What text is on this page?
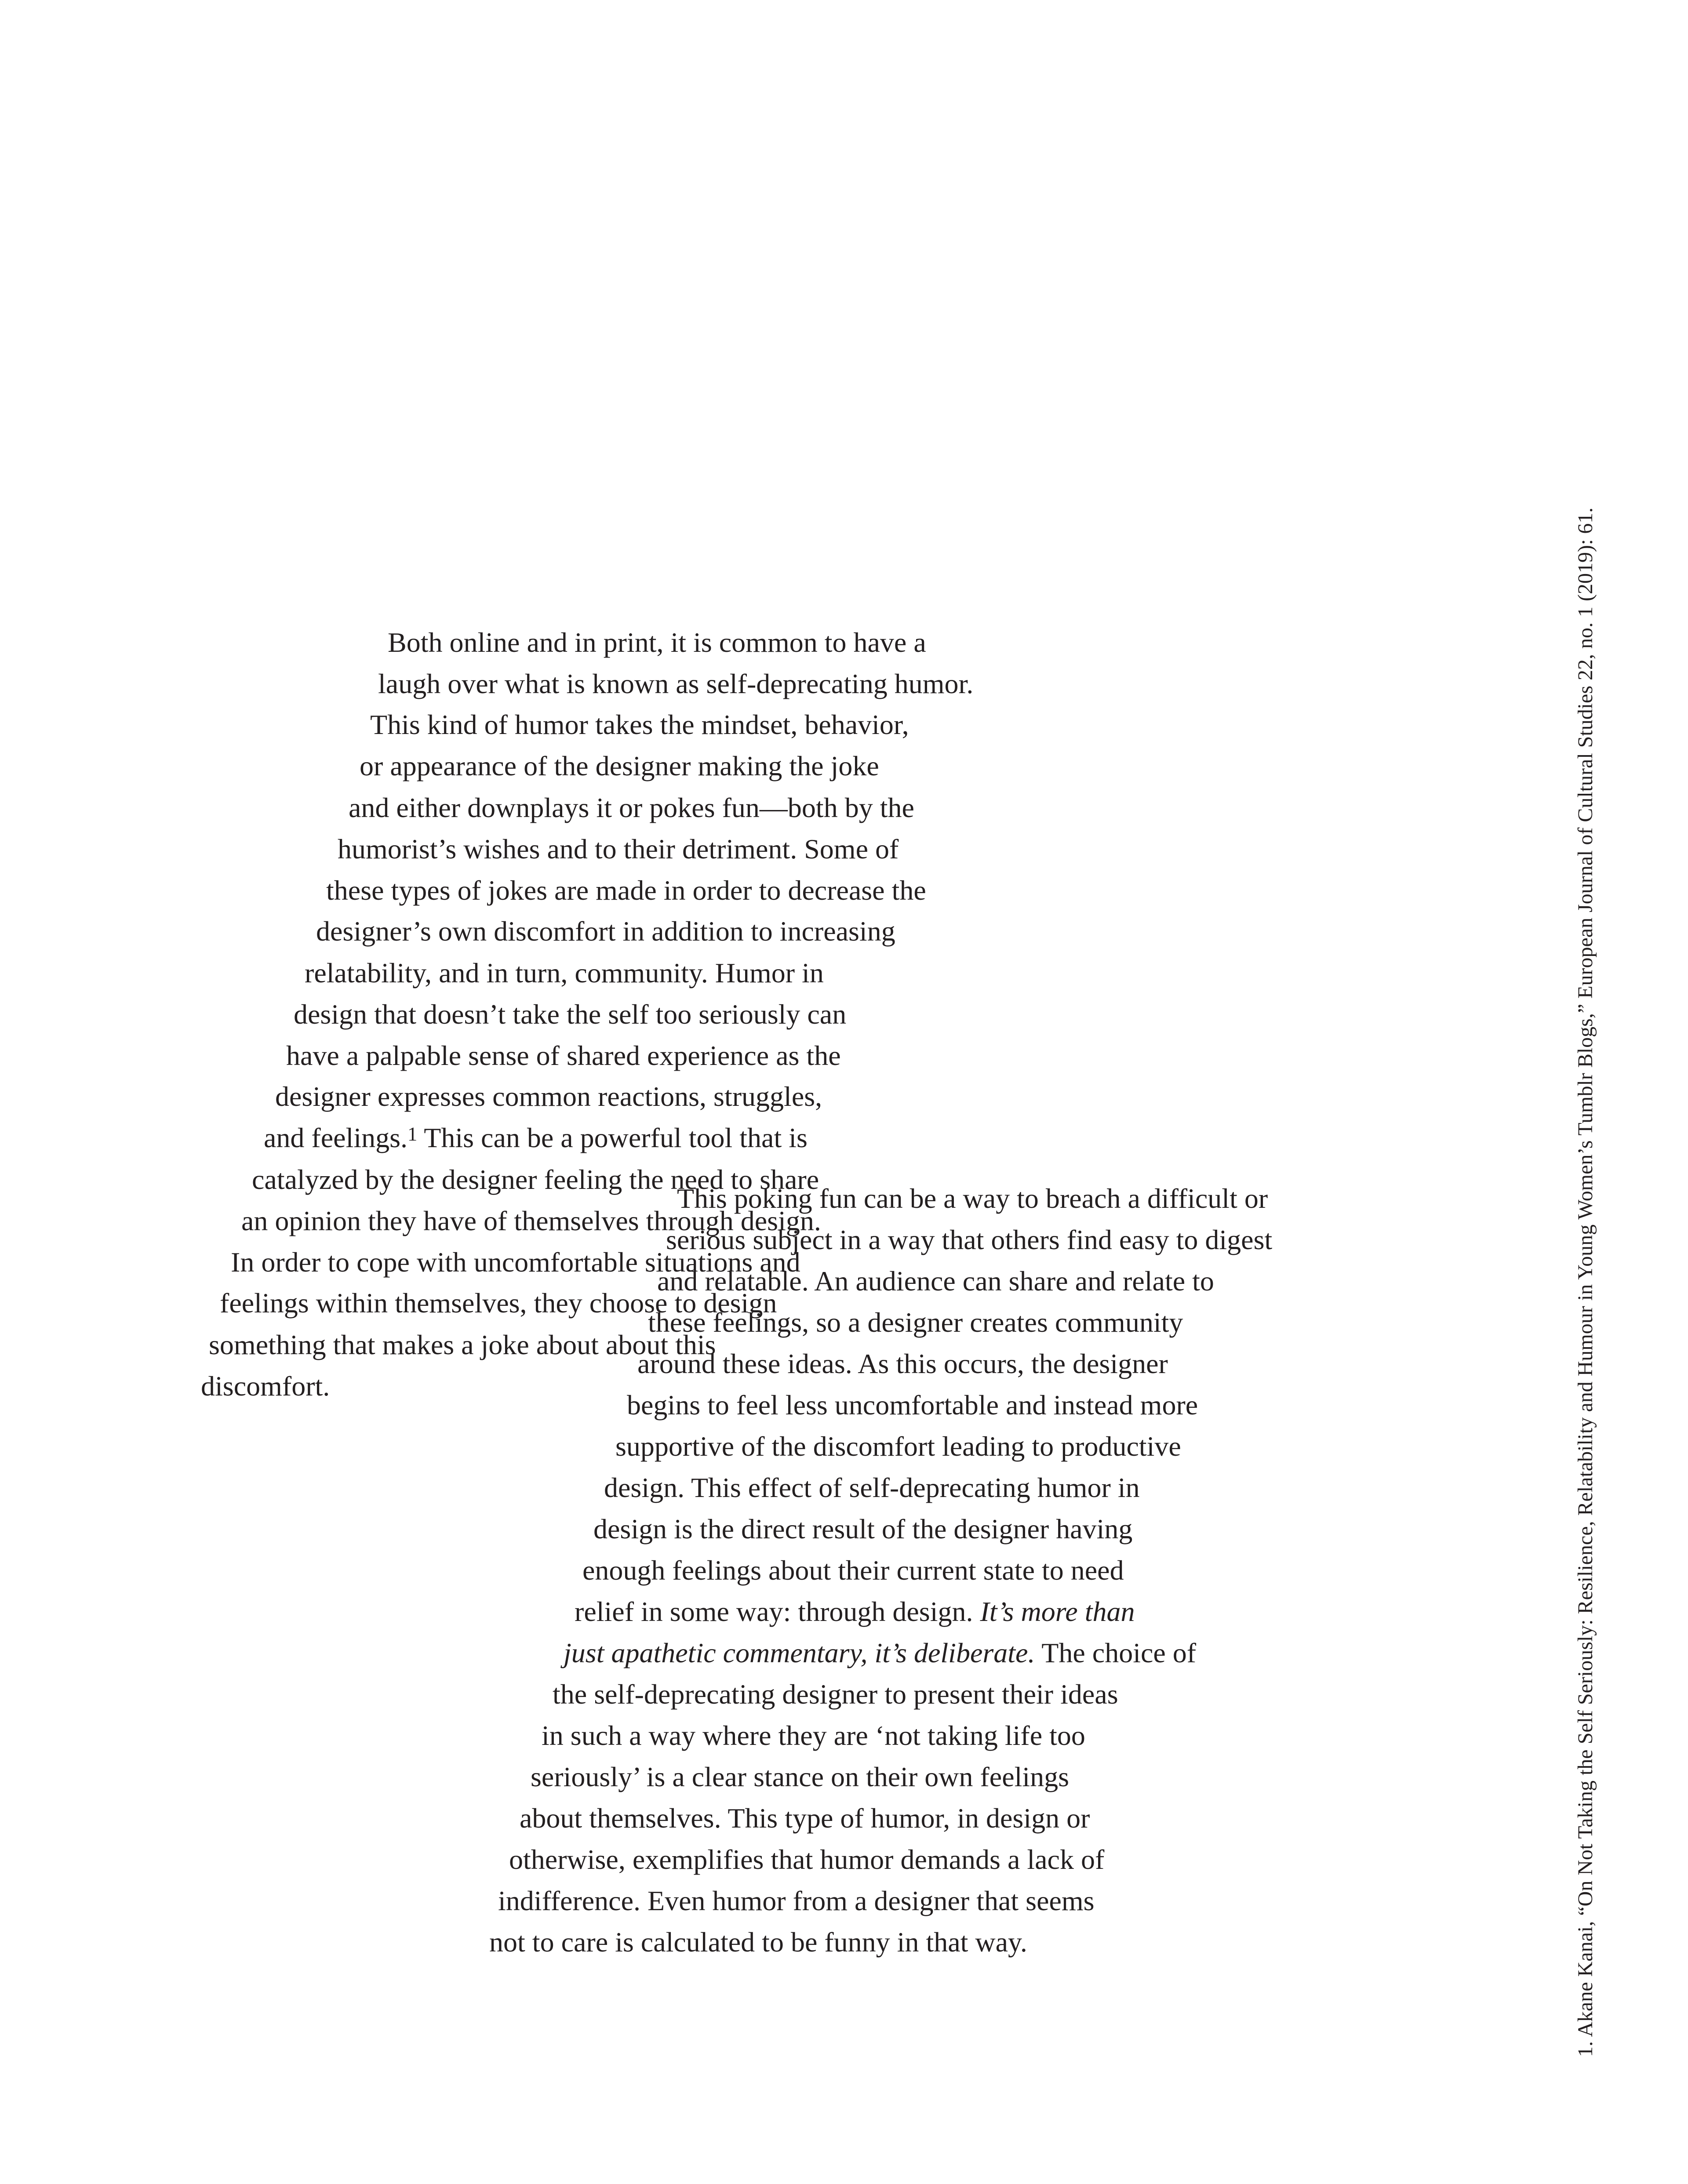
Both online and in print, it is common to have a

laugh over what is known as self-deprecating humor.

This kind of humor takes the mindset, behavior,

or appearance of the designer making the joke

and either downplays it or pokes fun—both by the

humorist’s wishes and to their detriment. Some of

these types of jokes are made in order to decrease the

designer’s own discomfort in addition to increasing

relatability, and in turn, community. Humor in

design that doesn’t take the self too seriously can

have a palpable sense of shared experience as the

designer expresses common reactions, struggles,

and feelings.$^1$ This can be a powerful tool that is

catalyzed by the designer feeling the need to share

an opinion they have of themselves through design.

In order to cope with uncomfortable situations and

feelings within themselves, they choose to design

something that makes a joke about about this

discomfort.

This poking fun can be a way to breach a difficult or

serious subject in a way that others find easy to digest

and relatable. An audience can share and relate to

these feelings, so a designer creates community

around these ideas. As this occurs, the designer

begins to feel less uncomfortable and instead more

supportive of the discomfort leading to productive

design. This effect of self-deprecating humor in

design is the direct result of the designer having

enough feelings about their current state to need

relief in some way: through design. It’s more than

just apathetic commentary, it’s deliberate. The choice of

the self-deprecating designer to present their ideas

in such a way where they are ‘not taking life too

seriously’ is a clear stance on their own feelings

about themselves. This type of humor, in design or

otherwise, exemplifies that humor demands a lack of

indifference. Even humor from a designer that seems

not to care is calculated to be funny in that way.	1. Akane Kanai, “On Not Taking the Self Seriously: Resilience, Relatability and Humour in Young Women’s Tumblr Blogs,” European Journal of Cultural Studies 22, no. 1 (2019): 61.
